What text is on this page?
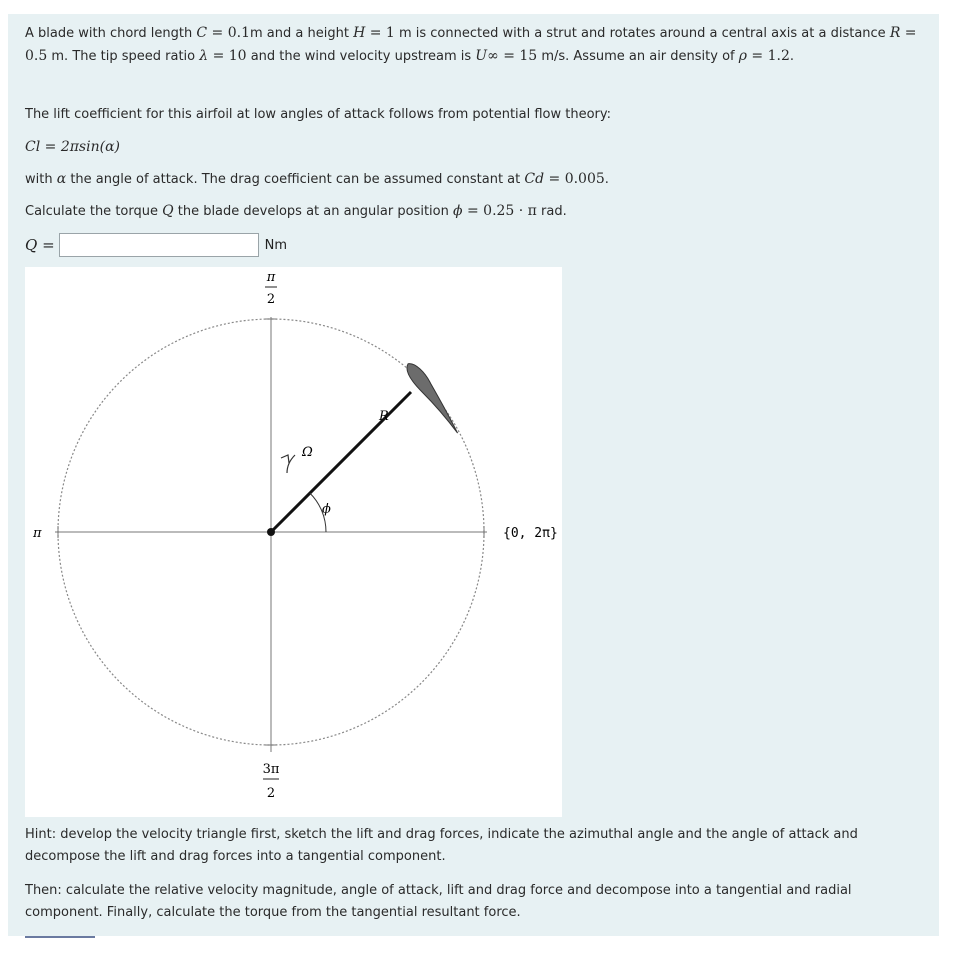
A blade with chord length C = 0.1m and a height H = 1 m is connected with a strut and rotates around a central axis at a distance R = 0.5 m. The tip speed ratio λ = 10 and the wind velocity upstream is U∞ = 15 m/s. Assume an air density of ρ = 1.2.
The lift coefficient for this airfoil at low angles of attack follows from potential flow theory:
Cl = 2πsin(α)
with α the angle of attack. The drag coefficient can be assumed constant at Cd = 0.005.
Calculate the torque Q the blade develops at an angular position ϕ = 0.25 · π rad.
Q =	Nm
π
2
π	{0, 2π}
3π
2
R
Ω
ϕ
Hint: develop the velocity triangle first, sketch the lift and drag forces, indicate the azimuthal angle and the angle of attack and decompose the lift and drag forces into a tangential component.
Then: calculate the relative velocity magnitude, angle of attack, lift and drag force and decompose into a tangential and radial component. Finally, calculate the torque from the tangential resultant force.
